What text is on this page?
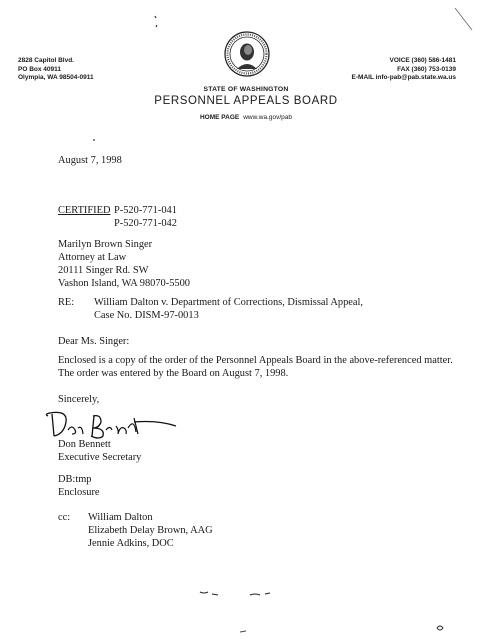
2828 Capitol Blvd.
PO Box 40911
Olympia, WA 98504-0911
VOICE (360) 586-1481
FAX (360) 753-0139
E-MAIL info-pab@pab.state.wa.us
STATE OF WASHINGTON
PERSONNEL APPEALS BOARD
HOME PAGE www.wa.gov/pab
August 7, 1998
CERTIFIED P-520-771-041
P-520-771-042
Marilyn Brown Singer
Attorney at Law
20111 Singer Rd. SW
Vashon Island, WA 98070-5500
RE: William Dalton v. Department of Corrections, Dismissal Appeal,
Case No. DISM-97-0013
Dear Ms. Singer:
Enclosed is a copy of the order of the Personnel Appeals Board in the above-referenced matter.
The order was entered by the Board on August 7, 1998.
Sincerely,
Don Bennett
Executive Secretary
DB:tmp
Enclosure
cc: William Dalton
Elizabeth Delay Brown, AAG
Jennie Adkins, DOC
